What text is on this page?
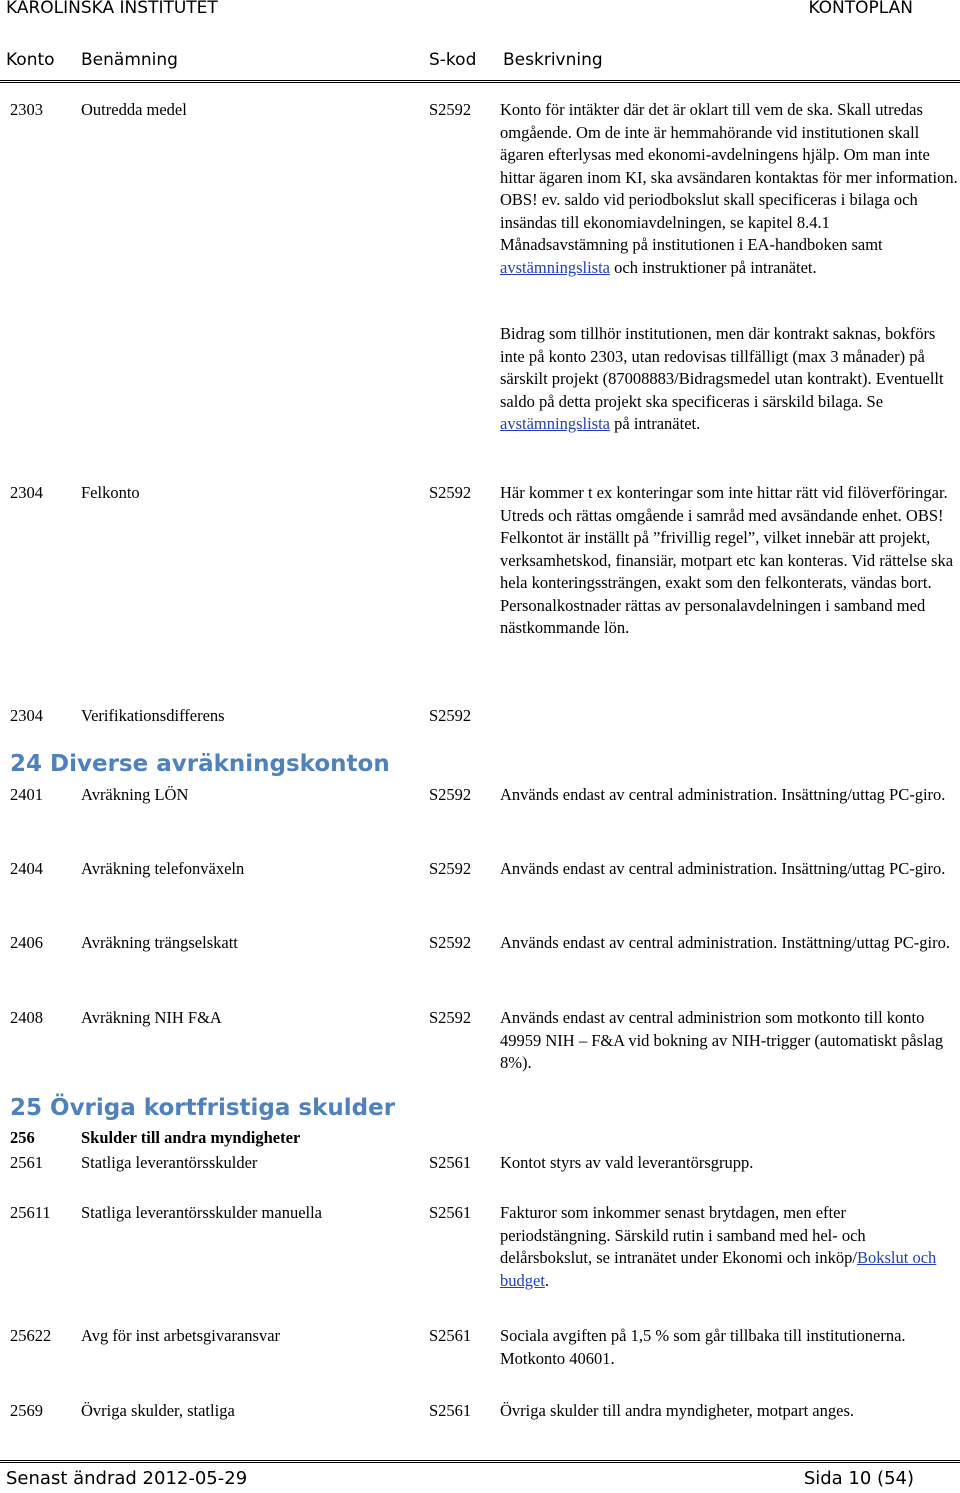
KAROLINSKA INSTITUTET	KONTOPLAN
Konto Benämning	S-kod Beskrivning
2303 Outredda medel	S2592 Konto för intäkter där det är oklart till vem de ska. Skall utredas omgående. Om de inte är hemmahörande vid institutionen skall ägaren efterlysas med ekonomi-avdelningens hjälp. Om man inte hittar ägaren inom KI, ska avsändaren kontaktas för mer information. OBS! ev. saldo vid periodbokslut skall specificeras i bilaga och insändas till ekonomiavdelningen, se kapitel 8.4.1 Månadsavstämning på institutionen i EA-handboken samt
avstämningslista och instruktioner på intranätet.
Bidrag som tillhör institutionen, men där kontrakt saknas, bokförs inte på konto 2303, utan redovisas tillfälligt (max 3 månader) på särskilt projekt (87008883/Bidragsmedel utan kontrakt). Eventuellt saldo på detta projekt ska specificeras i särskild bilaga. Se avstämningslista på intranätet.
2304 Felkonto	S2592 Här kommer t ex konteringar som inte hittar rätt vid filöverföringar. Utreds och rättas omgående i samråd med avsändande enhet. OBS! Felkontot är inställt på ”frivillig regel”, vilket innebär att projekt, verksamhetskod, finansiär, motpart etc kan konteras. Vid rättelse ska hela konteringssträngen, exakt som den felkonterats, vändas bort.
Personalkostnader rättas av personalavdelningen i samband med nästkommande lön.
2304 Verifikationsdifferens	S2592
24 Diverse avräkningskonton
2401 Avräkning LÖN	S2592 Används endast av central administration. Insättning/uttag PC-giro.
2404 Avräkning telefonväxeln	S2592 Används endast av central administration. Insättning/uttag PC-giro.
2406 Avräkning trängselskatt	S2592 Används endast av central administration. Instättning/uttag PC-giro.
2408 Avräkning NIH F&A	S2592 Används endast av central administrion som motkonto till konto 49959 NIH – F&A vid bokning av NIH-trigger (automatiskt påslag 8%).
25 Övriga kortfristiga skulder
256	Skulder till andra myndigheter
2561 Statliga leverantörsskulder	S2561 Kontot styrs av vald leverantörsgrupp.
25611 Statliga leverantörsskulder manuella	S2561 Fakturor som inkommer senast brytdagen, men efter periodstängning. Särskild rutin i samband med hel- och delårsbokslut, se intranätet under Ekonomi och inköp/Bokslut och budget.
25622 Avg för inst arbetsgivaransvar	S2561 Sociala avgiften på 1,5 % som går tillbaka till institutionerna. Motkonto 40601.
2569 Övriga skulder, statliga	S2561 Övriga skulder till andra myndigheter, motpart anges.
Senast ändrad 2012-05-29	Sida 10 (54)
